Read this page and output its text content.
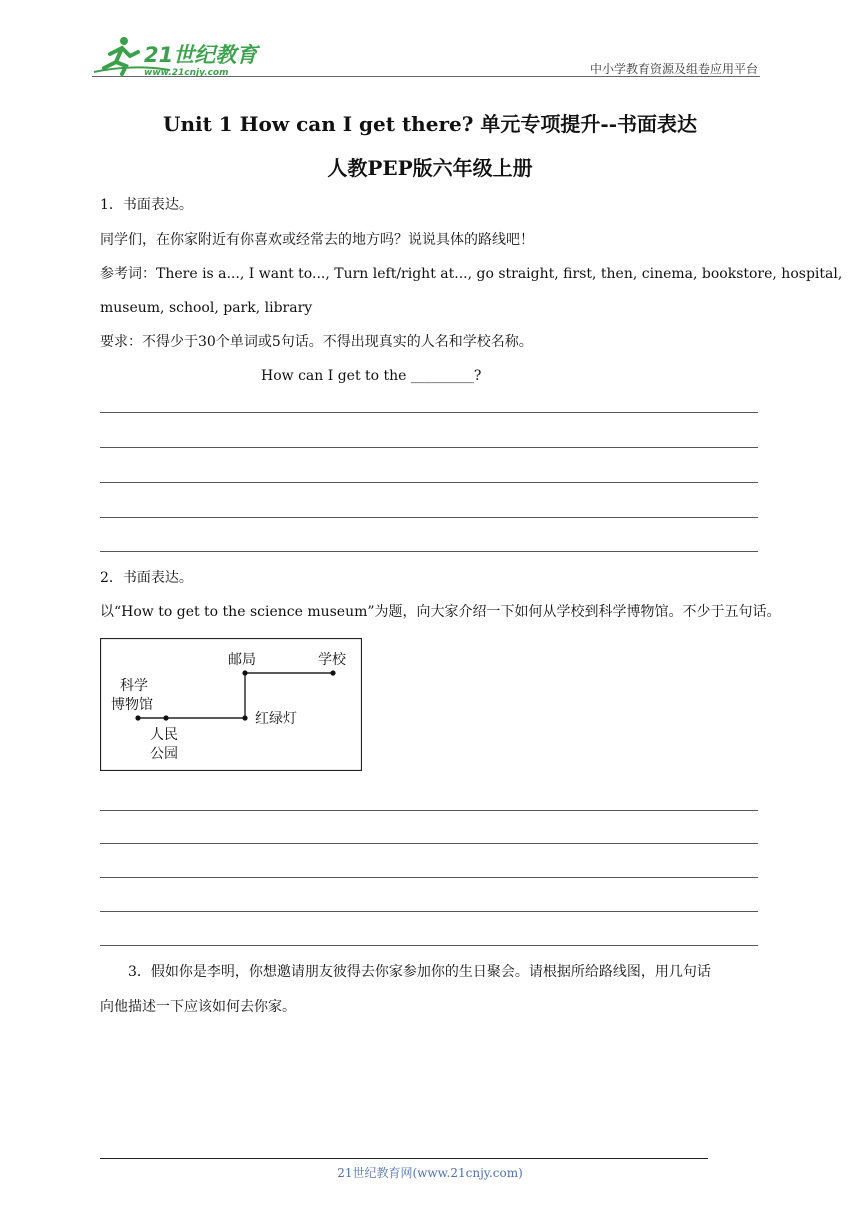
21世纪教育
www.21cnjy.com	中小学教育资源及组卷应用平台
Unit 1 How can I get there? 单元专项提升--书面表达
人教PEP版六年级上册
1．书面表达。
同学们，在你家附近有你喜欢或经常去的地方吗？说说具体的路线吧！
参考词：There is a..., I want to..., Turn left/right at..., go straight, first, then, cinema, bookstore, hospital,
museum, school, park, library
要求：不得少于30个单词或5句话。不得出现真实的人名和学校名称。
How can I get to the _________?
2．书面表达。
以“How to get to the science museum”为题，向大家介绍一下如何从学校到科学博物馆。不少于五句话。
邮局	学校
科学
博物馆
红绿灯
人民
公园
3．假如你是李明，你想邀请朋友彼得去你家参加你的生日聚会。请根据所给路线图，用几句话
向他描述一下应该如何去你家。
21世纪教育网(www.21cnjy.com)
